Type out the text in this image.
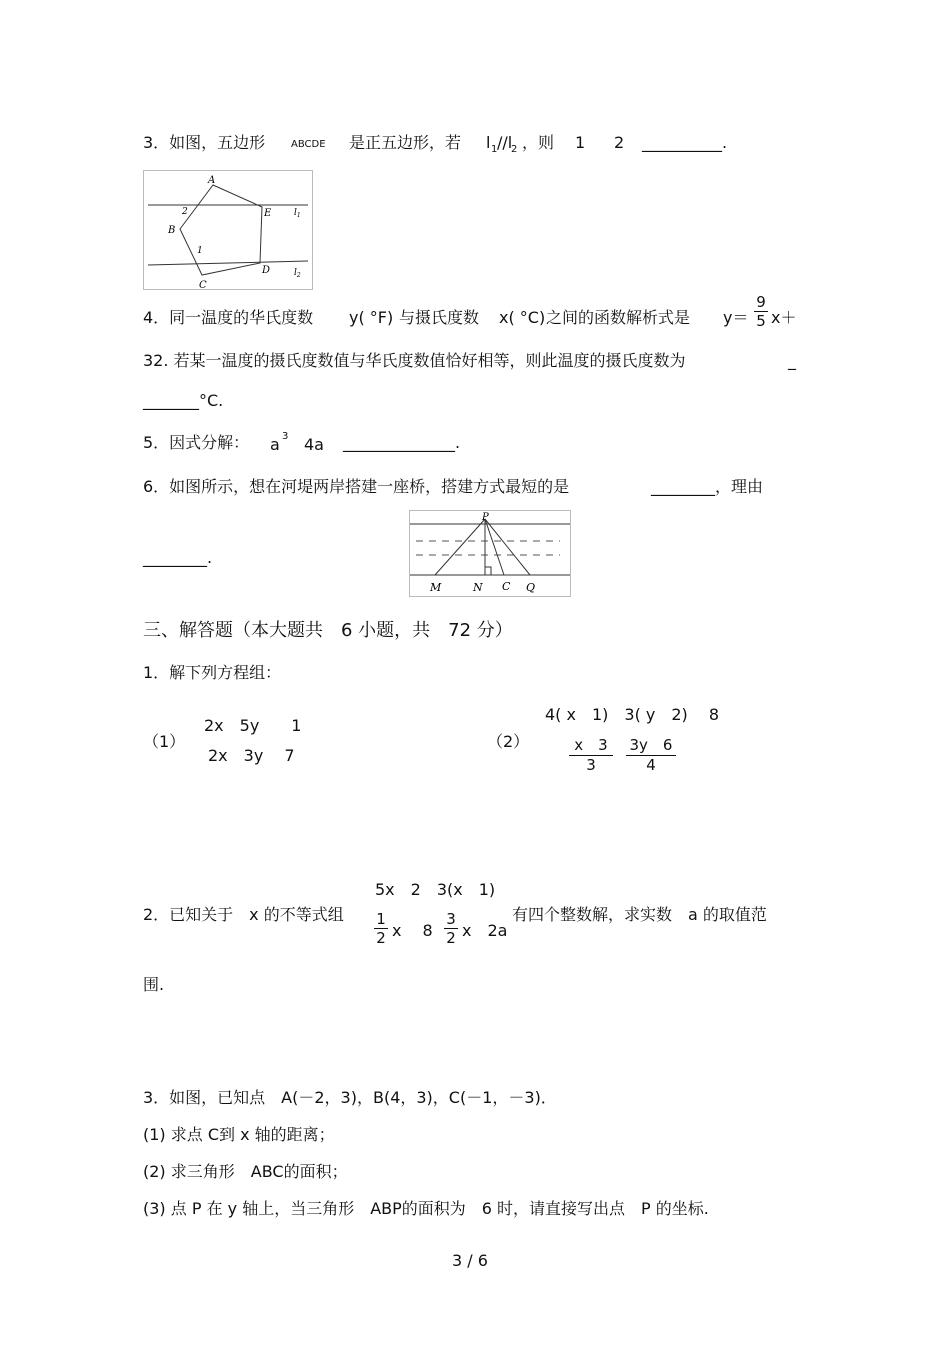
3．如图，五边形	ABCDE 是正五边形，若 l 1 //l
2 ，则 1 2 __________.
A
E
B
C
D
1
2	$l_1$
$l_2$
4．同一温度的华氏度数 y( °F) 与摄氏度数 x( °C) 之间的函数解析式是 $y= \frac{9}{5} x+$
32. 若某一温度的摄氏度数值与华氏度数值恰好相等，则此温度的摄氏度数为	_
_______°C.
5．因式分解： a 3 4a ______________.
6．如图所示，想在河堤两岸搭建一座桥，搭建方式最短的是	________，理由
________.
P
M	N C Q
三、解答题（本大题共　6 小题，共　72 分）
1．解下列方程组：
（1）
2x　5y　　1
2x　3y　 7
（2）
4( x　1)　3( y　2)　 8
$\frac{x 3}{3} \frac{3y 6}{4}$
5x　2　3(x　1)
2．已知关于　x 的不等式组 $\frac{1}{2}$ x　 $8 \frac{3}{2}$ x　2a
有四个整数解，求实数　a 的取值范
围.
3．如图，已知点　A(－2，3)，B(4，3)，C(－1，－3)．
(1) 求点 C到 x 轴的距离；
(2) 求三角形　ABC的面积；
(3) 点 P 在 y 轴上，当三角形　ABP的面积为　6 时，请直接写出点　P 的坐标.
3 / 6
